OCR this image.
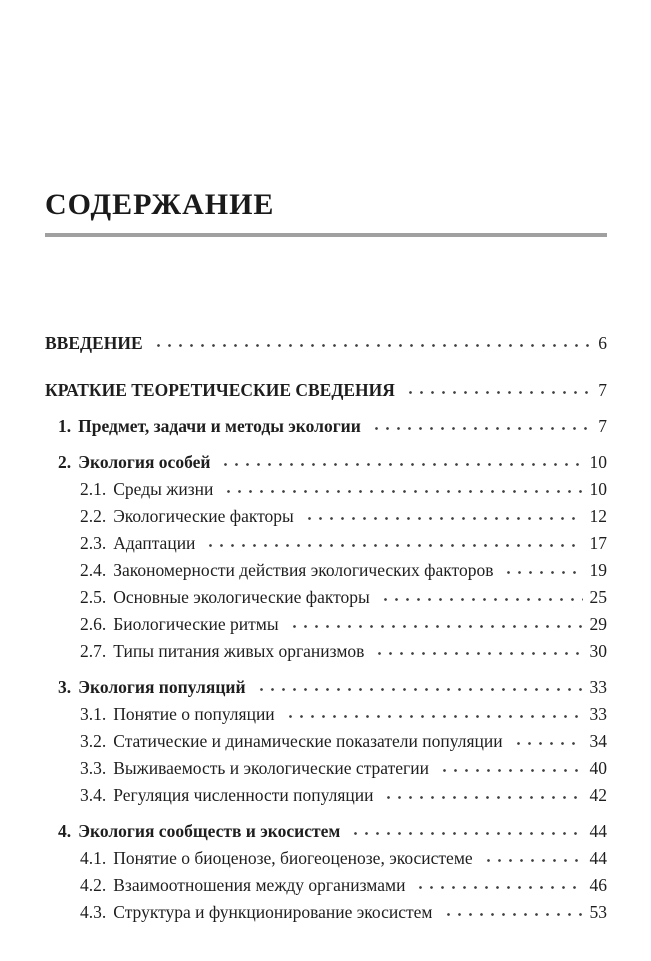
СОДЕРЖАНИЕ
ВВЕДЕНИЕ	6
КРАТКИЕ ТЕОРЕТИЧЕСКИЕ СВЕДЕНИЯ	7
1. Предмет, задачи и методы экологии	7
2. Экология особей	10
2.1. Среды жизни	10
2.2. Экологические факторы	12
2.3. Адаптации	17
2.4. Закономерности действия экологических факторов	19
2.5. Основные экологические факторы	25
2.6. Биологические ритмы	29
2.7. Типы питания живых организмов	30
3. Экология популяций	33
3.1. Понятие о популяции	33
3.2. Статические и динамические показатели популяции	34
3.3. Выживаемость и экологические стратегии	40
3.4. Регуляция численности популяции	42
4. Экология сообществ и экосистем	44
4.1. Понятие о биоценозе, биогеоценозе, экосистеме	44
4.2. Взаимоотношения между организмами	46
4.3. Структура и функционирование экосистем	53
